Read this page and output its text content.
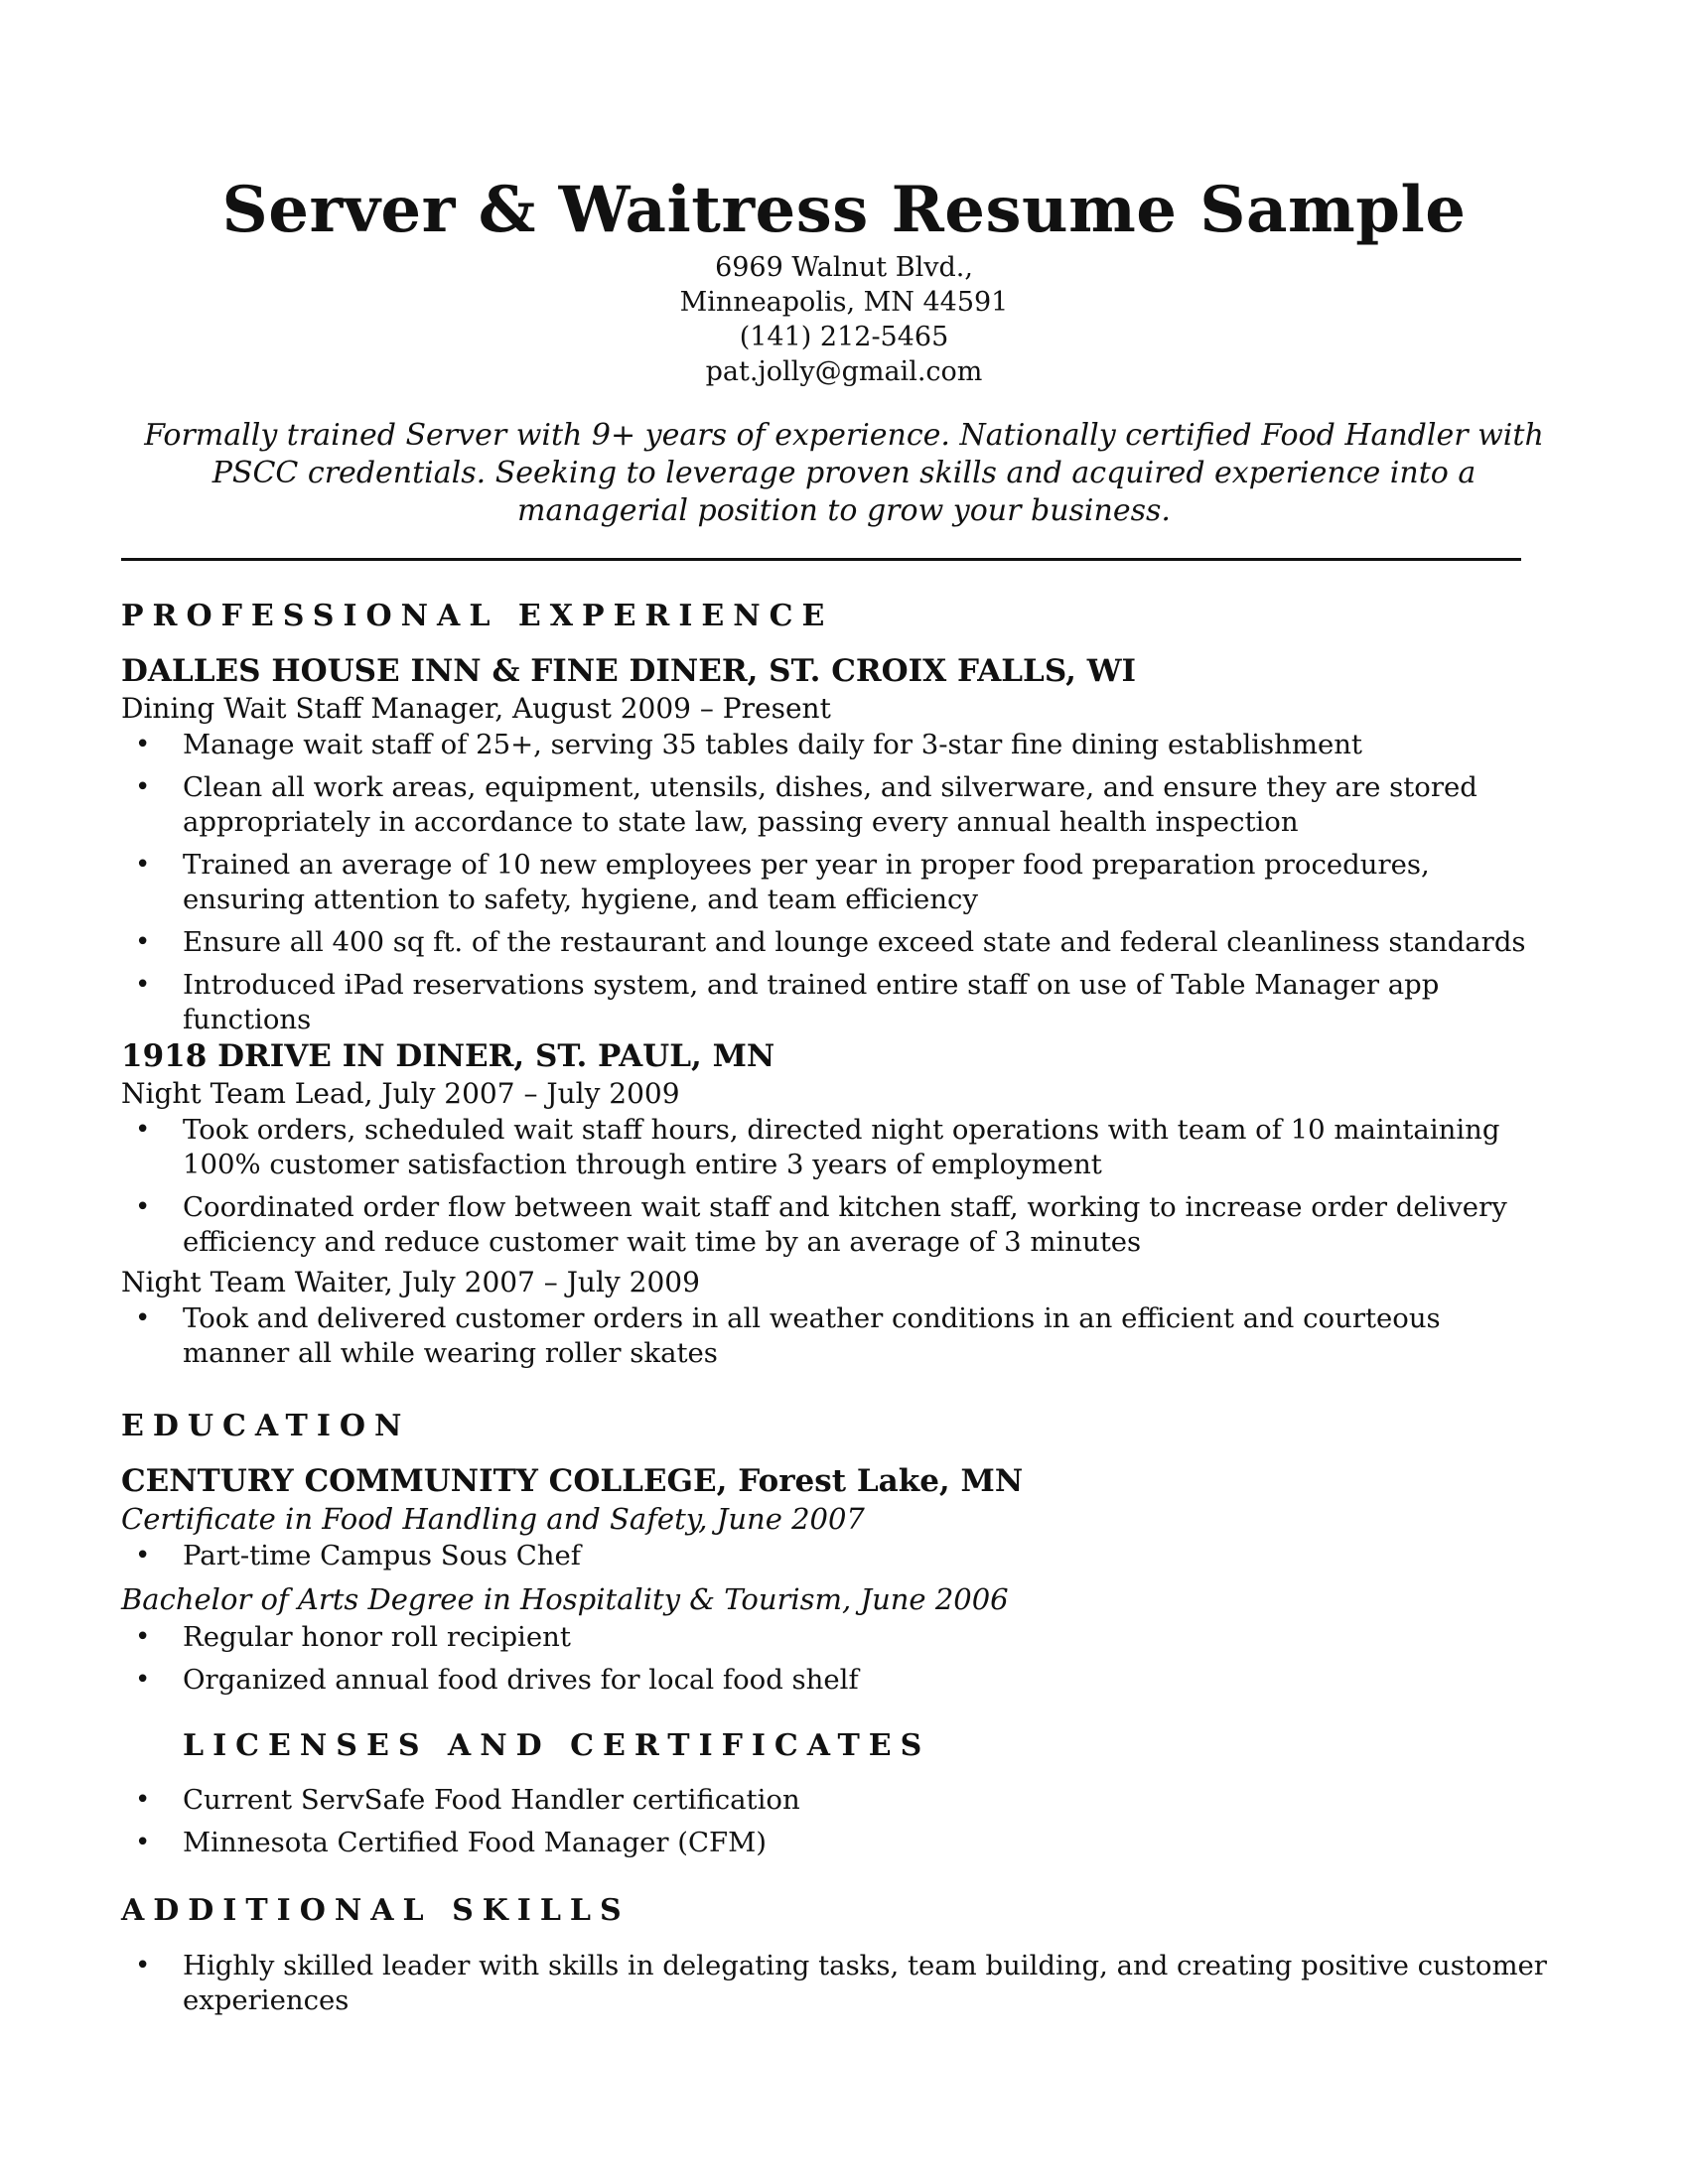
Server & Waitress Resume Sample
6969 Walnut Blvd.,
Minneapolis, MN 44591
(141) 212-5465
pat.jolly@gmail.com
Formally trained Server with 9+ years of experience. Nationally certified Food Handler with PSCC credentials. Seeking to leverage proven skills and acquired experience into a managerial position to grow your business.
PROFESSIONAL EXPERIENCE
DALLES HOUSE INN & FINE DINER, ST. CROIX FALLS, WI
Dining Wait Staff Manager, August 2009 – Present
• Manage wait staff of 25+, serving 35 tables daily for 3-star fine dining establishment
• Clean all work areas, equipment, utensils, dishes, and silverware, and ensure they are stored appropriately in accordance to state law, passing every annual health inspection
• Trained an average of 10 new employees per year in proper food preparation procedures, ensuring attention to safety, hygiene, and team efficiency
• Ensure all 400 sq ft. of the restaurant and lounge exceed state and federal cleanliness standards
• Introduced iPad reservations system, and trained entire staff on use of Table Manager app functions
1918 DRIVE IN DINER, ST. PAUL, MN
Night Team Lead, July 2007 – July 2009
• Took orders, scheduled wait staff hours, directed night operations with team of 10 maintaining 100% customer satisfaction through entire 3 years of employment
• Coordinated order flow between wait staff and kitchen staff, working to increase order delivery efficiency and reduce customer wait time by an average of 3 minutes
Night Team Waiter, July 2007 – July 2009
• Took and delivered customer orders in all weather conditions in an efficient and courteous manner all while wearing roller skates
EDUCATION
CENTURY COMMUNITY COLLEGE, Forest Lake, MN
Certificate in Food Handling and Safety, June 2007
• Part-time Campus Sous Chef
Bachelor of Arts Degree in Hospitality & Tourism, June 2006
• Regular honor roll recipient
• Organized annual food drives for local food shelf
LICENSES AND CERTIFICATES
• Current ServSafe Food Handler certification
• Minnesota Certified Food Manager (CFM)
ADDITIONAL SKILLS
• Highly skilled leader with skills in delegating tasks, team building, and creating positive customer experiences
